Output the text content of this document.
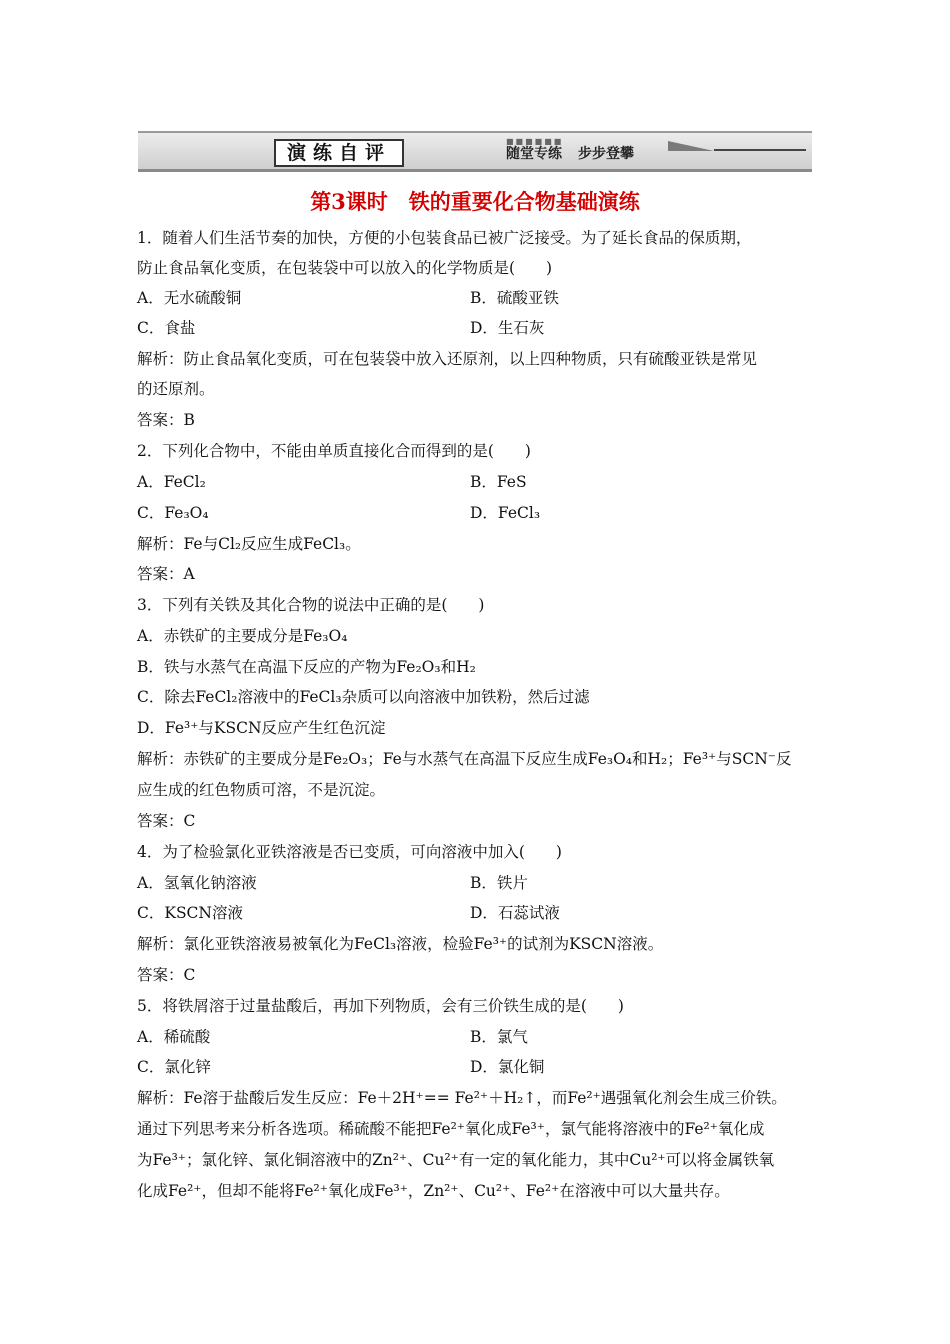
演练自评
■■■■■■
随堂专练 步步登攀
第3课时　铁的重要化合物基础演练
1．随着人们生活节奏的加快，方便的小包装食品已被广泛接受。为了延长食品的保质期，
防止食品氧化变质，在包装袋中可以放入的化学物质是(　　)
A．无水硫酸铜	B．硫酸亚铁
C．食盐	D．生石灰
解析：防止食品氧化变质，可在包装袋中放入还原剂，以上四种物质，只有硫酸亚铁是常见
的还原剂。
答案：B
2．下列化合物中，不能由单质直接化合而得到的是(　　)
A．FeCl₂	B．FeS
C．Fe₃O₄	D．FeCl₃
解析：Fe与Cl₂反应生成FeCl₃。
答案：A
3．下列有关铁及其化合物的说法中正确的是(　　)
A．赤铁矿的主要成分是Fe₃O₄
B．铁与水蒸气在高温下反应的产物为Fe₂O₃和H₂
C．除去FeCl₂溶液中的FeCl₃杂质可以向溶液中加铁粉，然后过滤
D．Fe³⁺与KSCN反应产生红色沉淀
解析：赤铁矿的主要成分是Fe₂O₃；Fe与水蒸气在高温下反应生成Fe₃O₄和H₂；Fe³⁺与SCN⁻反
应生成的红色物质可溶，不是沉淀。
答案：C
4．为了检验氯化亚铁溶液是否已变质，可向溶液中加入(　　)
A．氢氧化钠溶液	B．铁片
C．KSCN溶液	D．石蕊试液
解析：氯化亚铁溶液易被氧化为FeCl₃溶液，检验Fe³⁺的试剂为KSCN溶液。
答案：C
5．将铁屑溶于过量盐酸后，再加下列物质，会有三价铁生成的是(　　)
A．稀硫酸	B．氯气
C．氯化锌	D．氯化铜
解析：Fe溶于盐酸后发生反应：Fe＋2H⁺== Fe²⁺＋H₂↑，而Fe²⁺遇强氧化剂会生成三价铁。
通过下列思考来分析各选项。稀硫酸不能把Fe²⁺氧化成Fe³⁺，氯气能将溶液中的Fe²⁺氧化成
为Fe³⁺；氯化锌、氯化铜溶液中的Zn²⁺、Cu²⁺有一定的氧化能力，其中Cu²⁺可以将金属铁氧
化成Fe²⁺，但却不能将Fe²⁺氧化成Fe³⁺，Zn²⁺、Cu²⁺、Fe²⁺在溶液中可以大量共存。
